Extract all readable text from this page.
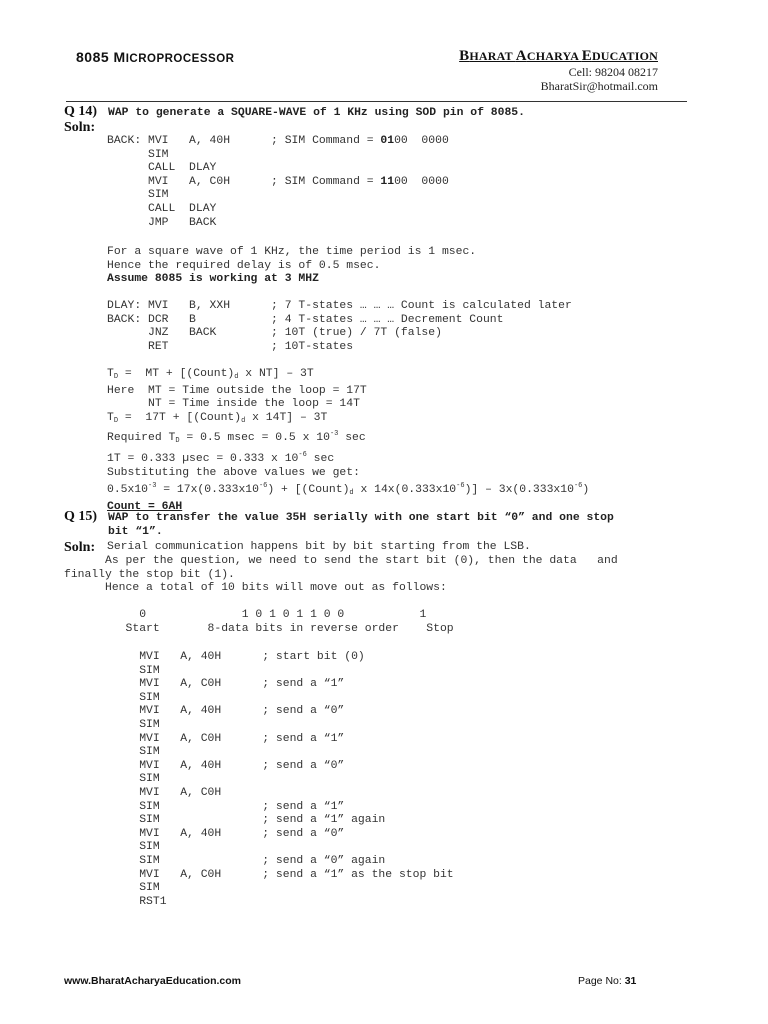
8085 MICROPROCESSOR	BHARAT ACHARYA EDUCATION
Cell: 98204 08217
BharatSir@hotmail.com
Q 14) WAP to generate a SQUARE-WAVE of 1 KHz using SOD pin of 8085.
Soln:
BACK: MVI   A, 40H      ; SIM Command = 0100  0000
SIM
CALL  DLAY
MVI   A, C0H      ; SIM Command = 1100  0000
SIM
CALL  DLAY
JMP   BACK
For a square wave of 1 KHz, the time period is 1 msec.
Hence the required delay is of 0.5 msec.
Assume 8085 is working at 3 MHZ
DLAY: MVI   B, XXH      ; 7 T-states … … … Count is calculated later
BACK: DCR   B           ; 4 T-states … … … Decrement Count
JNZ   BACK        ; 10T (true) / 7T (false)
RET               ; 10T-states
$T_D$ =  MT + [$(Count)_d$ x NT] – 3T
Here  MT = Time outside the loop = 17T
NT = Time inside the loop = 14T
$T_D = 17T$ + [$(Count)_d$ x 14T] – 3T
Required $T_D = 0.5$ msec = 0.5 x $10^{-3}$ sec
1T = 0.333 µsec = 0.333 x $10^{-6}$ sec
Substituting the above values we get:
$0.5x10^{-3} = 17x(0.333x10^{-6})$ + [$(Count)_d$ x $14x(0.333x10^{-6})] - 3x(0.333x10^{-6})$
Count = 6AH
Q 15) WAP to transfer the value 35H serially with one start bit “0” and one stop
bit “1”.
Soln: Serial communication happens bit by bit starting from the LSB.
As per the question, we need to send the start bit (0), then the data   and
finally the stop bit (1).
Hence a total of 10 bits will move out as follows:
0              1 0 1 0 1 1 0 0           1
Start       8-data bits in reverse order    Stop
MVI   A, 40H      ; start bit (0)
SIM
MVI   A, C0H      ; send a “1”
SIM
MVI   A, 40H      ; send a “0”
SIM
MVI   A, C0H      ; send a “1”
SIM
MVI   A, 40H      ; send a “0”
SIM
MVI   A, C0H
SIM               ; send a “1”
SIM               ; send a “1” again
MVI   A, 40H      ; send a “0”
SIM
SIM               ; send a “0” again
MVI   A, C0H      ; send a “1” as the stop bit
SIM
RST1
www.BharatAcharyaEducation.com	Page No: 31
